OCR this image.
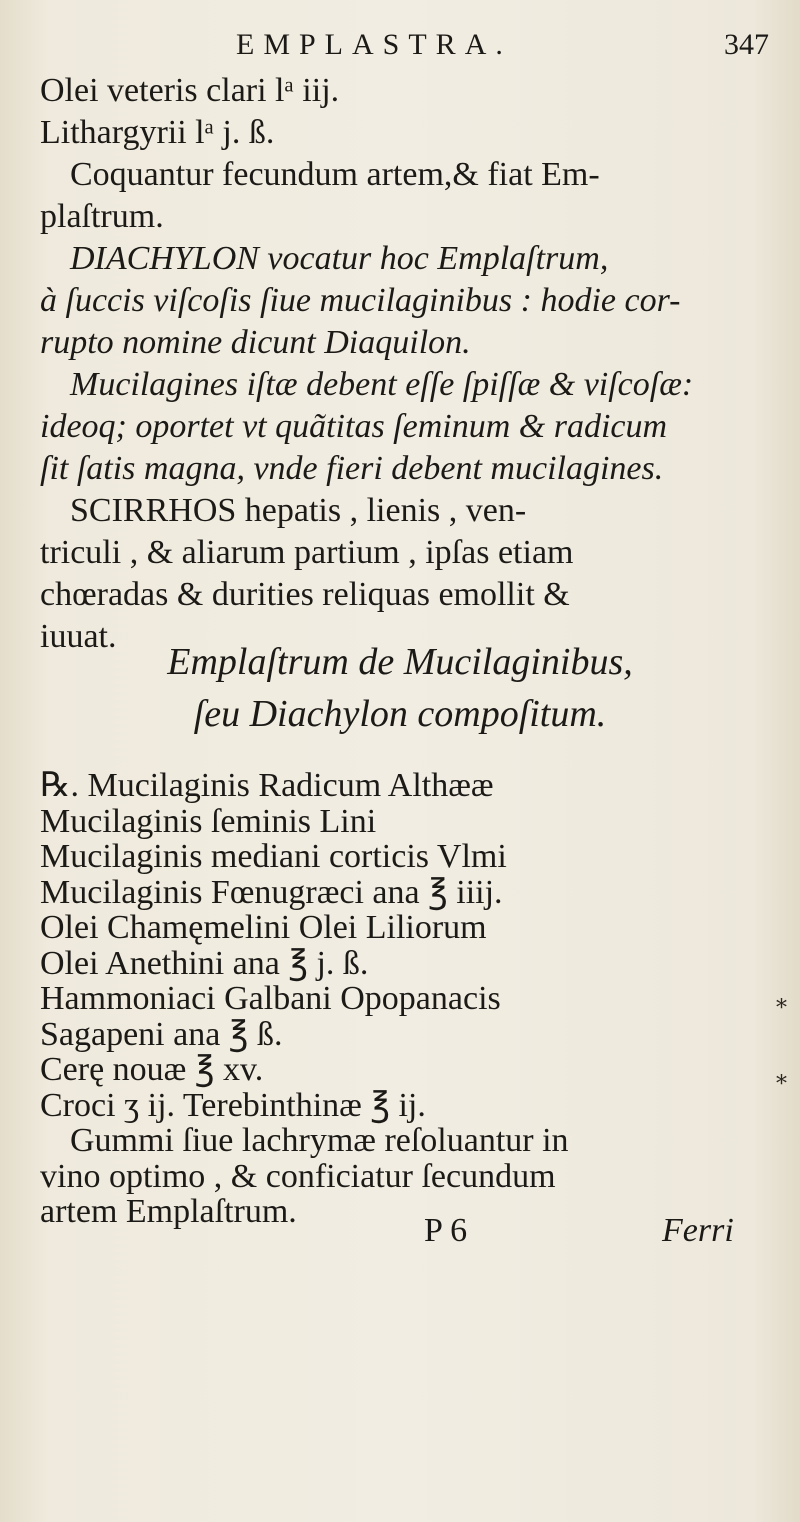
EMPLASTRA.	347
Olei veteris clari lᵃ iij.
Lithargyrii lᵃ j. ß.
Coquantur fecundum artem,& fiat Em-
plaſtrum.
DIACHYLON vocatur hoc Emplaſtrum,
à ſuccis viſcoſis ſiue mucilaginibus : hodie cor-
rupto nomine dicunt Diaquilon.
Mucilagines iſtæ debent eſſe ſpiſſæ & viſcoſæ:
ideoq; oportet vt quãtitas ſeminum & radicum
ſit ſatis magna, vnde fieri debent mucilagines.
SCIRRHOS hepatis , lienis , ven-
triculi , & aliarum partium , ipſas etiam
chœradas & durities reliquas emollit &
iuuat.
Emplaſtrum de Mucilaginibus,
ſeu Diachylon compoſitum.
℞. Mucilaginis Radicum Althææ
Mucilaginis ſeminis Lini
Mucilaginis mediani corticis Vlmi
Mucilaginis Fœnugræci ana ℥ iiij.
Olei Chamęmelini Olei Liliorum
Olei Anethini ana ℥ j. ß.
Hammoniaci Galbani Opopanacis
Sagapeni ana ℥ ß.
Cerę nouæ ℥ xv.
Croci ʒ ij. Terebinthinæ ℥ ij.
Gummi ſiue lachrymæ reſoluantur in
vino optimo , & conficiatur ſecundum
artem Emplaſtrum.
*
*
P 6	Ferri
